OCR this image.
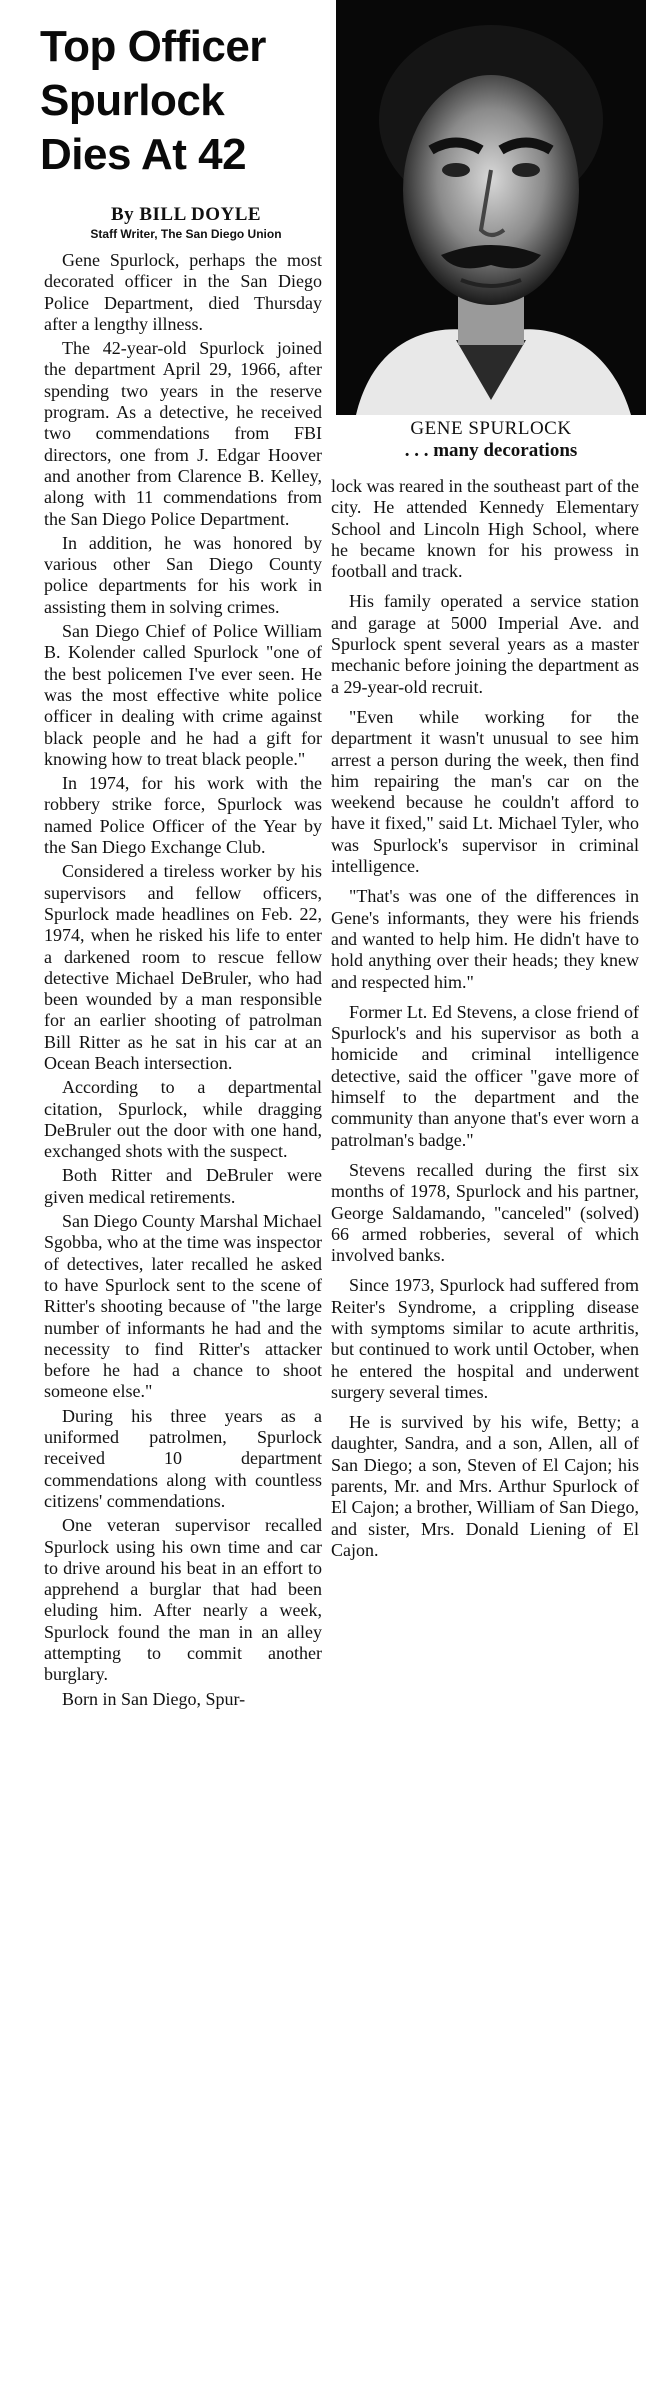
Top Officer
Spurlock
Dies At 42
GENE SPURLOCK
. . . many decorations
By BILL DOYLE
Staff Writer, The San Diego Union

Gene Spurlock, perhaps the most decorated officer in the San Diego Police Department, died Thursday after a lengthy illness.

The 42-year-old Spurlock joined the department April 29, 1966, after spending two years in the reserve program. As a detective, he received two commendations from FBI directors, one from J. Edgar Hoover and another from Clarence B. Kelley, along with 11 commendations from the San Diego Police Department.

In addition, he was honored by various other San Diego County police departments for his work in assisting them in solving crimes.

San Diego Chief of Police William B. Kolender called Spurlock "one of the best policemen I've ever seen. He was the most effective white police officer in dealing with crime against black people and he had a gift for knowing how to treat black people."

In 1974, for his work with the robbery strike force, Spurlock was named Police Officer of the Year by the San Diego Exchange Club.

Considered a tireless worker by his supervisors and fellow officers, Spurlock made headlines on Feb. 22, 1974, when he risked his life to enter a darkened room to rescue fellow detective Michael DeBruler, who had been wounded by a man responsible for an earlier shooting of patrolman Bill Ritter as he sat in his car at an Ocean Beach intersection.

According to a departmental citation, Spurlock, while dragging DeBruler out the door with one hand, exchanged shots with the suspect.

Both Ritter and DeBruler were given medical retirements.

San Diego County Marshal Michael Sgobba, who at the time was inspector of detectives, later recalled he asked to have Spurlock sent to the scene of Ritter's shooting because of "the large number of informants he had and the necessity to find Ritter's attacker before he had a chance to shoot someone else."

During his three years as a uniformed patrolmen, Spurlock received 10 department commendations along with countless citizens' commendations.

One veteran supervisor recalled Spurlock using his own time and car to drive around his beat in an effort to apprehend a burglar that had been eluding him. After nearly a week, Spurlock found the man in an alley attempting to commit another burglary.

Born in San Diego, Spur-

lock was reared in the southeast part of the city. He attended Kennedy Elementary School and Lincoln High School, where he became known for his prowess in football and track.

His family operated a service station and garage at 5000 Imperial Ave. and Spurlock spent several years as a master mechanic before joining the department as a 29-year-old recruit.

"Even while working for the department it wasn't unusual to see him arrest a person during the week, then find him repairing the man's car on the weekend because he couldn't afford to have it fixed," said Lt. Michael Tyler, who was Spurlock's supervisor in criminal intelligence.

"That's was one of the differences in Gene's informants, they were his friends and wanted to help him. He didn't have to hold anything over their heads; they knew and respected him."

Former Lt. Ed Stevens, a close friend of Spurlock's and his supervisor as both a homicide and criminal intelligence detective, said the officer "gave more of himself to the department and the community than anyone that's ever worn a patrolman's badge."

Stevens recalled during the first six months of 1978, Spurlock and his partner, George Saldamando, "canceled" (solved) 66 armed robberies, several of which involved banks.

Since 1973, Spurlock had suffered from Reiter's Syndrome, a crippling disease with symptoms similar to acute arthritis, but continued to work until October, when he entered the hospital and underwent surgery several times.

He is survived by his wife, Betty; a daughter, Sandra, and a son, Allen, all of San Diego; a son, Steven of El Cajon; his parents, Mr. and Mrs. Arthur Spurlock of El Cajon; a brother, William of San Diego, and sister, Mrs. Donald Liening of El Cajon.
